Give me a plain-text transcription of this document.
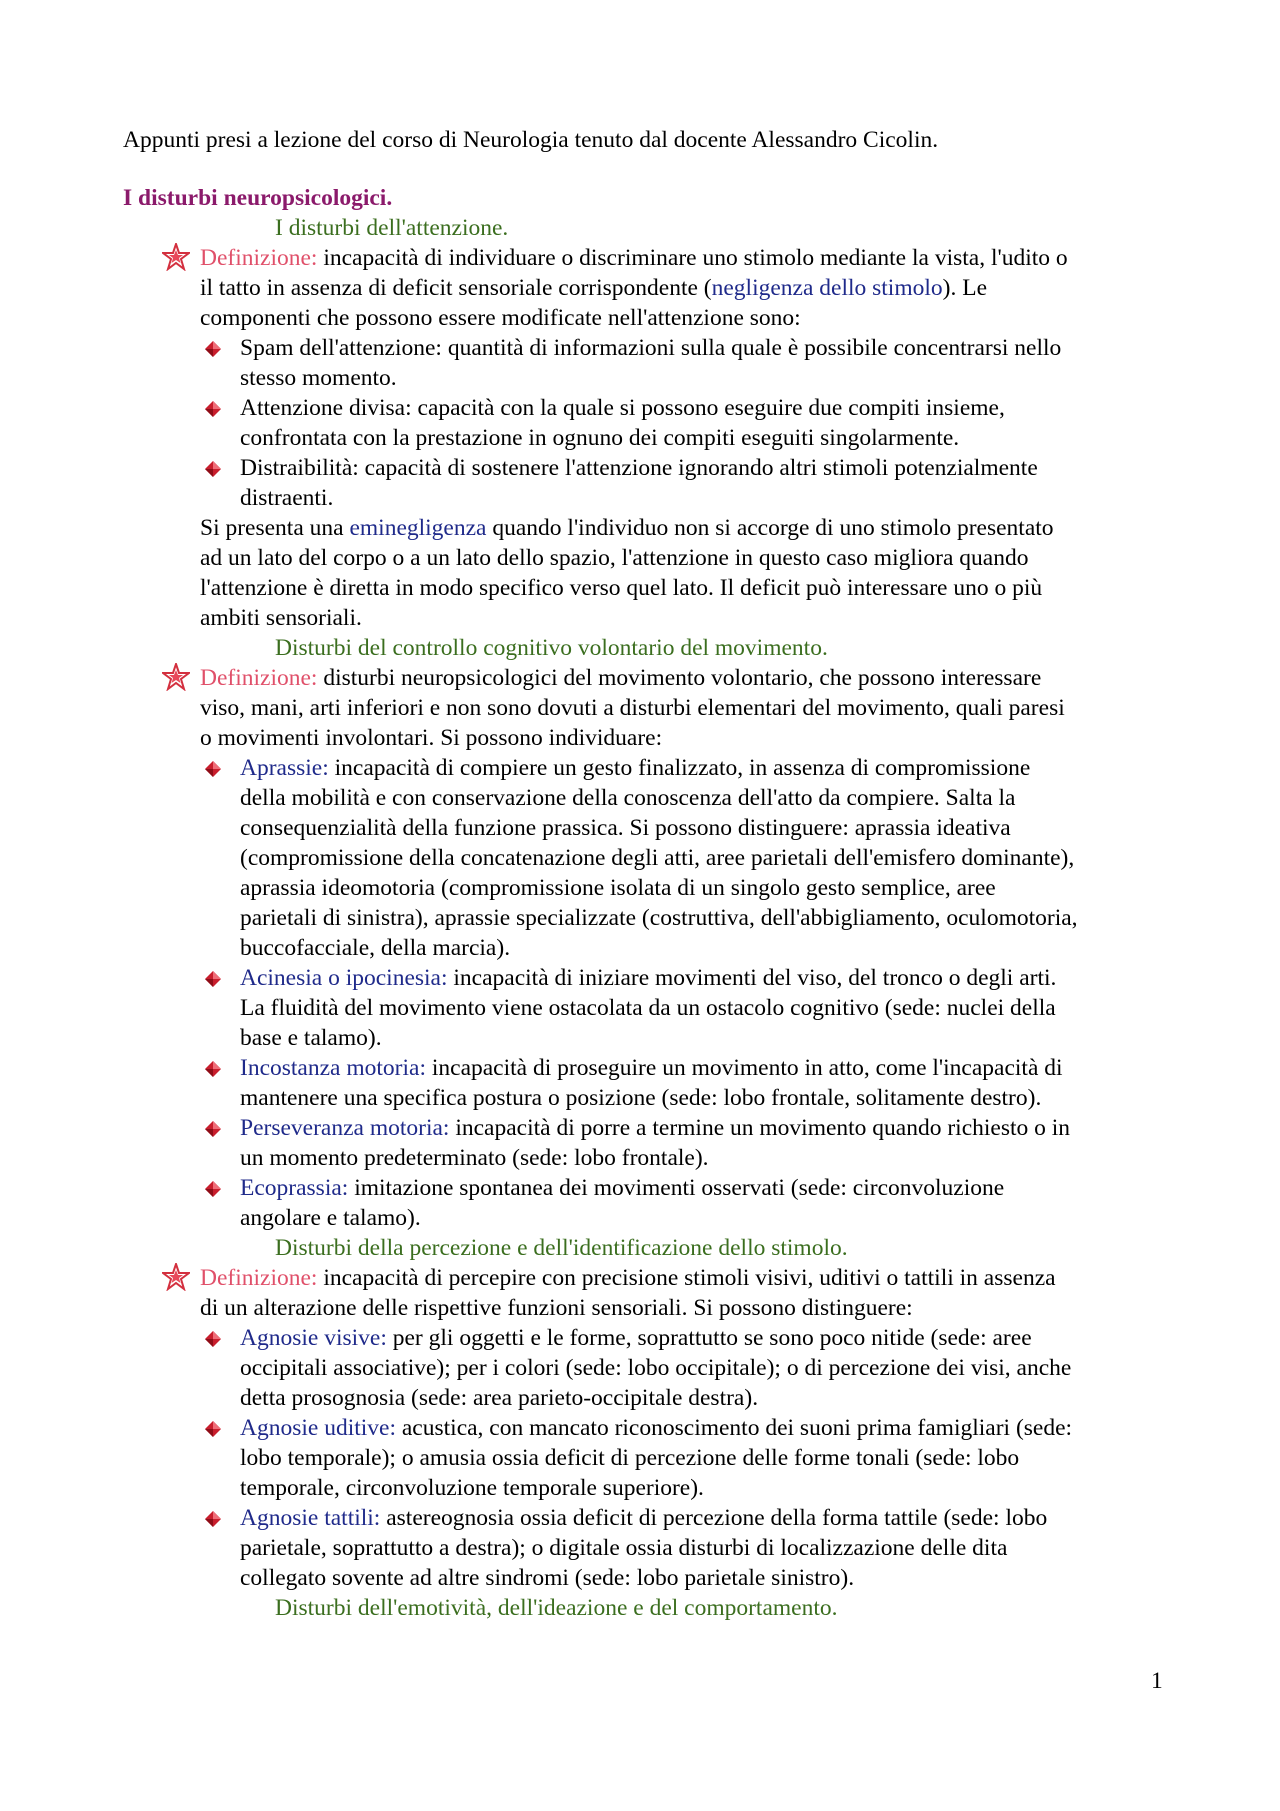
Appunti presi a lezione del corso di Neurologia tenuto dal docente Alessandro Cicolin.
I disturbi neuropsicologici.
I disturbi dell'attenzione.
Definizione: incapacità di individuare o discriminare uno stimolo mediante la vista, l'udito o
il tatto in assenza di deficit sensoriale corrispondente (negligenza dello stimolo). Le
componenti che possono essere modificate nell'attenzione sono:
Spam dell'attenzione: quantità di informazioni sulla quale è possibile concentrarsi nello
stesso momento.
Attenzione divisa: capacità con la quale si possono eseguire due compiti insieme,
confrontata con la prestazione in ognuno dei compiti eseguiti singolarmente.
Distraibilità: capacità di sostenere l'attenzione ignorando altri stimoli potenzialmente
distraenti.
Si presenta una eminegligenza quando l'individuo non si accorge di uno stimolo presentato
ad un lato del corpo o a un lato dello spazio, l'attenzione in questo caso migliora quando
l'attenzione è diretta in modo specifico verso quel lato. Il deficit può interessare uno o più
ambiti sensoriali.
Disturbi del controllo cognitivo volontario del movimento.
Definizione: disturbi neuropsicologici del movimento volontario, che possono interessare
viso, mani, arti inferiori e non sono dovuti a disturbi elementari del movimento, quali paresi
o movimenti involontari. Si possono individuare:
Aprassie: incapacità di compiere un gesto finalizzato, in assenza di compromissione
della mobilità e con conservazione della conoscenza dell'atto da compiere. Salta la
consequenzialità della funzione prassica. Si possono distinguere: aprassia ideativa
(compromissione della concatenazione degli atti, aree parietali dell'emisfero dominante),
aprassia ideomotoria (compromissione isolata di un singolo gesto semplice, aree
parietali di sinistra), aprassie specializzate (costruttiva, dell'abbigliamento, oculomotoria,
buccofacciale, della marcia).
Acinesia o ipocinesia: incapacità di iniziare movimenti del viso, del tronco o degli arti.
La fluidità del movimento viene ostacolata da un ostacolo cognitivo (sede: nuclei della
base e talamo).
Incostanza motoria: incapacità di proseguire un movimento in atto, come l'incapacità di
mantenere una specifica postura o posizione (sede: lobo frontale, solitamente destro).
Perseveranza motoria: incapacità di porre a termine un movimento quando richiesto o in
un momento predeterminato (sede: lobo frontale).
Ecoprassia: imitazione spontanea dei movimenti osservati (sede: circonvoluzione
angolare e talamo).
Disturbi della percezione e dell'identificazione dello stimolo.
Definizione: incapacità di percepire con precisione stimoli visivi, uditivi o tattili in assenza
di un alterazione delle rispettive funzioni sensoriali. Si possono distinguere:
Agnosie visive: per gli oggetti e le forme, soprattutto se sono poco nitide (sede: aree
occipitali associative); per i colori (sede: lobo occipitale); o di percezione dei visi, anche
detta prosognosia (sede: area parieto-occipitale destra).
Agnosie uditive: acustica, con mancato riconoscimento dei suoni prima famigliari (sede:
lobo temporale); o amusia ossia deficit di percezione delle forme tonali (sede: lobo
temporale, circonvoluzione temporale superiore).
Agnosie tattili: astereognosia ossia deficit di percezione della forma tattile (sede: lobo
parietale, soprattutto a destra); o digitale ossia disturbi di localizzazione delle dita
collegato sovente ad altre sindromi (sede: lobo parietale sinistro).
Disturbi dell'emotività, dell'ideazione e del comportamento.
1
